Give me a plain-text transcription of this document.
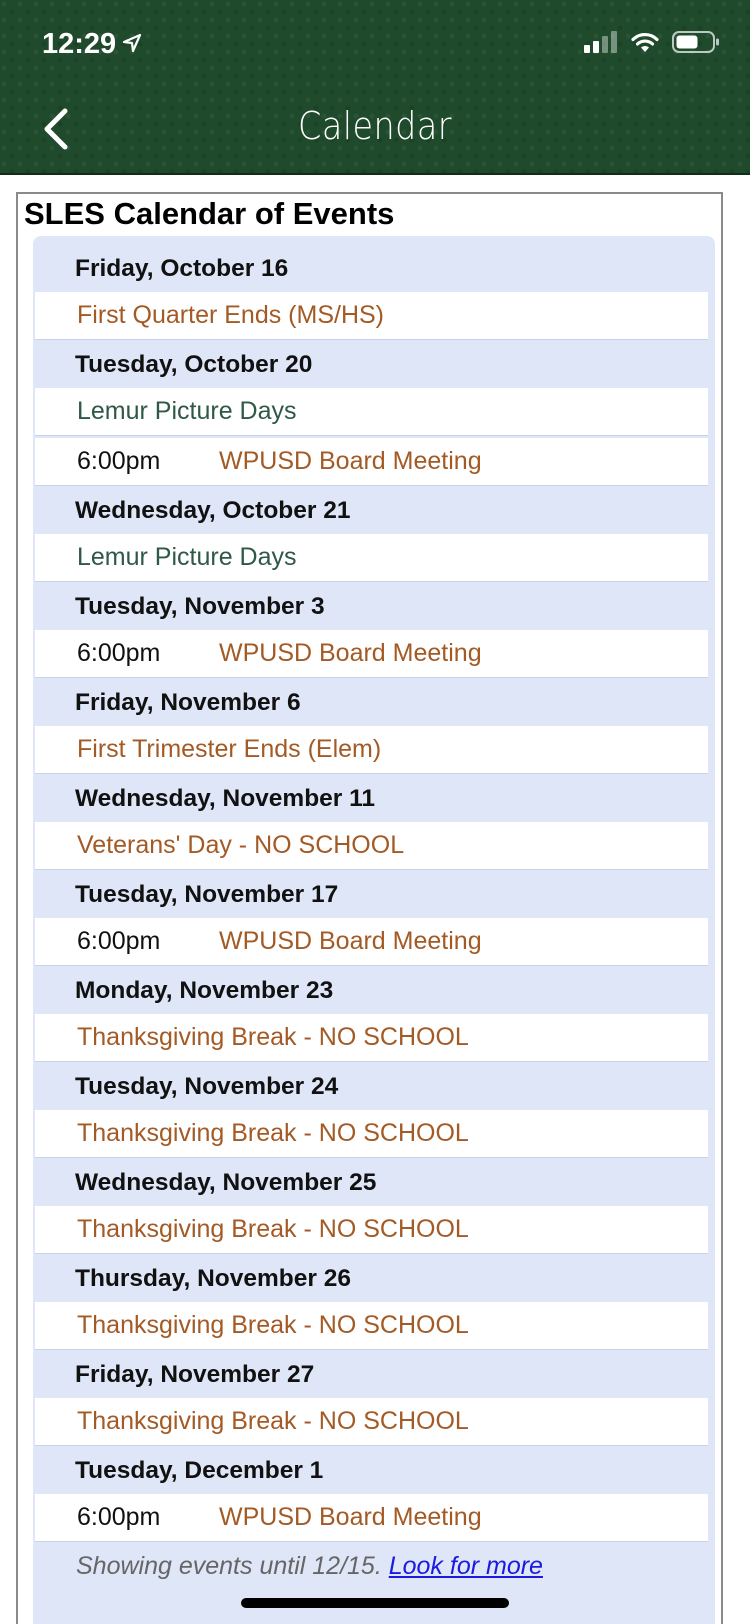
12:29
Calendar
SLES Calendar of Events
Friday, October 16
First Quarter Ends (MS/HS)
Tuesday, October 20
Lemur Picture Days
6:00pm	WPUSD Board Meeting
Wednesday, October 21
Lemur Picture Days
Tuesday, November 3
6:00pm	WPUSD Board Meeting
Friday, November 6
First Trimester Ends (Elem)
Wednesday, November 11
Veterans' Day - NO SCHOOL
Tuesday, November 17
6:00pm	WPUSD Board Meeting
Monday, November 23
Thanksgiving Break - NO SCHOOL
Tuesday, November 24
Thanksgiving Break - NO SCHOOL
Wednesday, November 25
Thanksgiving Break - NO SCHOOL
Thursday, November 26
Thanksgiving Break - NO SCHOOL
Friday, November 27
Thanksgiving Break - NO SCHOOL
Tuesday, December 1
6:00pm	WPUSD Board Meeting
Showing events until 12/15. Look for more
